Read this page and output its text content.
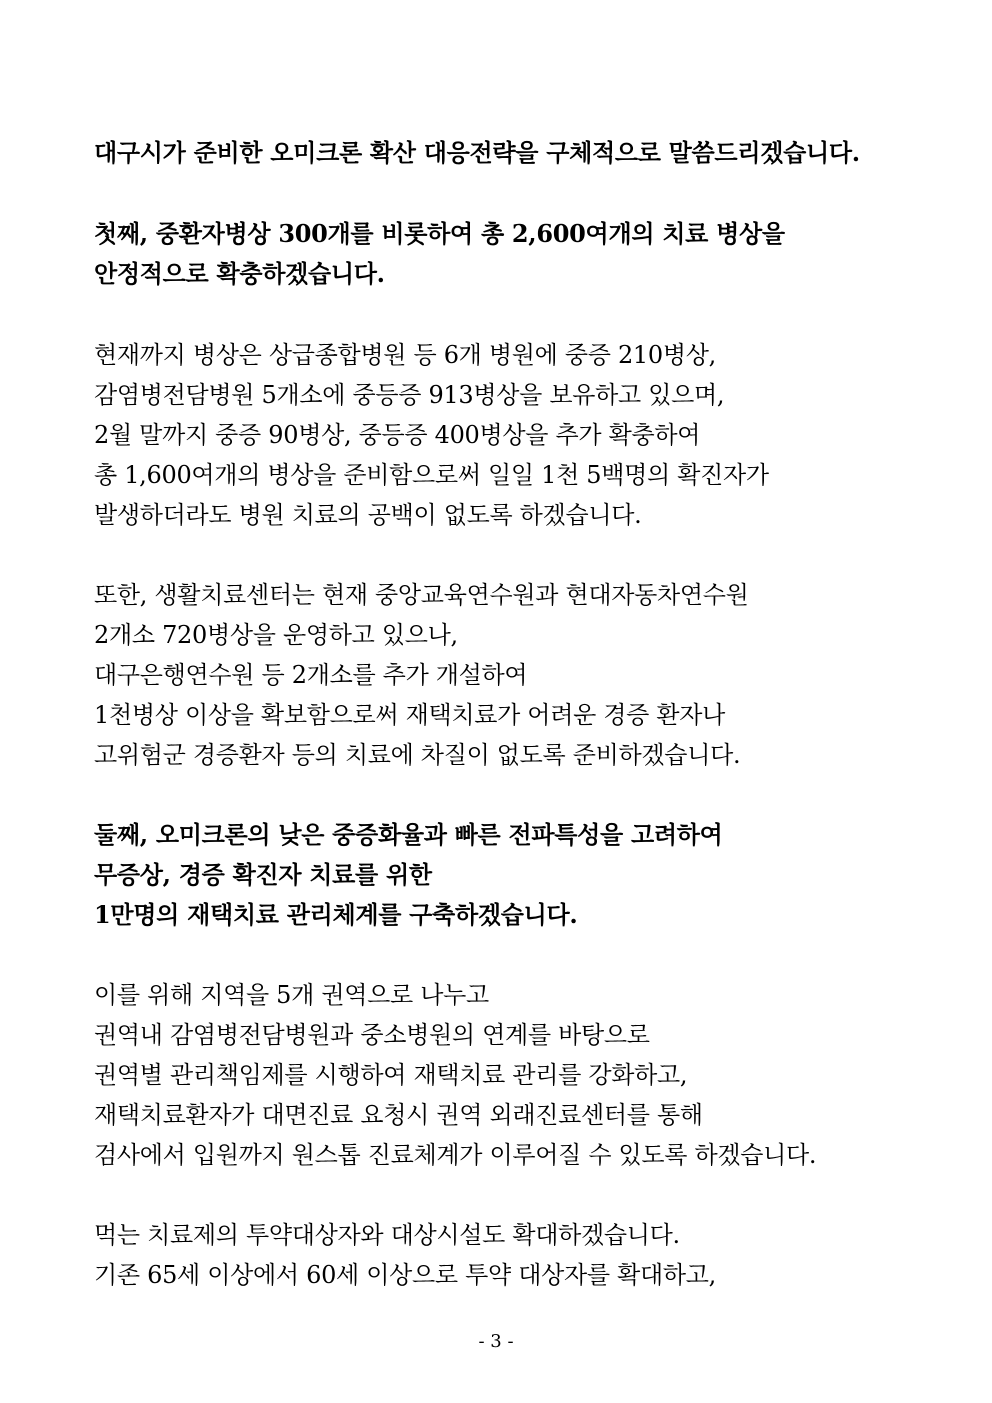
대구시가 준비한 오미크론 확산 대응전략을 구체적으로 말씀드리겠습니다.
첫째, 중환자병상 300개를 비롯하여 총 2,600여개의 치료 병상을
안정적으로 확충하겠습니다.
현재까지 병상은 상급종합병원 등 6개 병원에 중증 210병상,
감염병전담병원 5개소에 중등증 913병상을 보유하고 있으며,
2월 말까지 중증 90병상, 중등증 400병상을 추가 확충하여
총 1,600여개의 병상을 준비함으로써 일일 1천 5백명의 확진자가
발생하더라도 병원 치료의 공백이 없도록 하겠습니다.
또한, 생활치료센터는 현재 중앙교육연수원과 현대자동차연수원
2개소 720병상을 운영하고 있으나,
대구은행연수원 등 2개소를 추가 개설하여
1천병상 이상을 확보함으로써 재택치료가 어려운 경증 환자나
고위험군 경증환자 등의 치료에 차질이 없도록 준비하겠습니다.
둘째, 오미크론의 낮은 중증화율과 빠른 전파특성을 고려하여
무증상, 경증 확진자 치료를 위한
1만명의 재택치료 관리체계를 구축하겠습니다.
이를 위해 지역을 5개 권역으로 나누고
권역내 감염병전담병원과 중소병원의 연계를 바탕으로
권역별 관리책임제를 시행하여 재택치료 관리를 강화하고,
재택치료환자가 대면진료 요청시 권역 외래진료센터를 통해
검사에서 입원까지 원스톱 진료체계가 이루어질 수 있도록 하겠습니다.
먹는 치료제의 투약대상자와 대상시설도 확대하겠습니다.
기존 65세 이상에서 60세 이상으로 투약 대상자를 확대하고,
- 3 -
